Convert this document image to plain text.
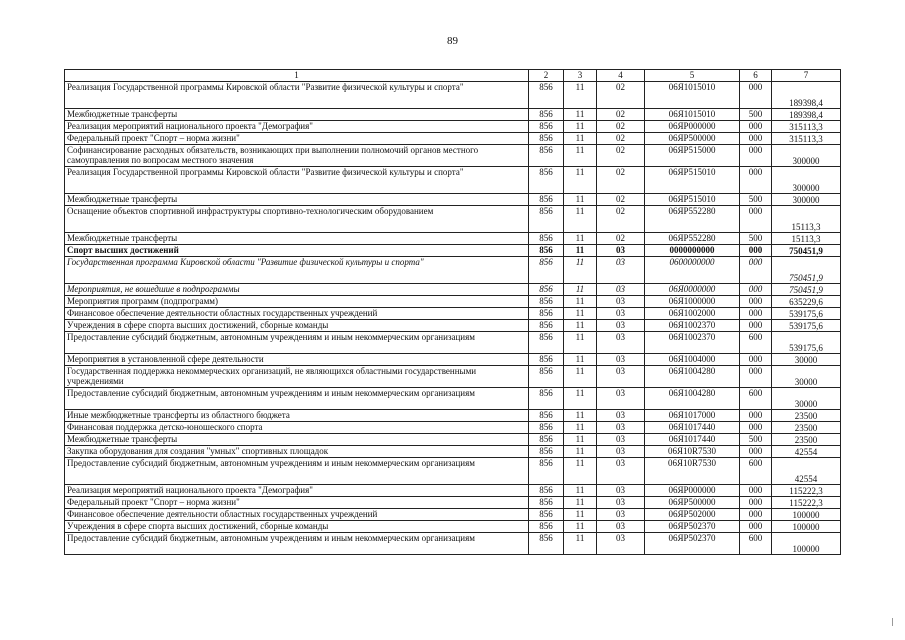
89
1	2	3	4	5	6	7
Реализация Государственной программы Кировской области "Развитие физической культуры и спорта"	856	11	02	06Я1015010	000	189398,4
Межбюджетные трансферты	856	11	02	06Я1015010	500	189398,4
Реализация мероприятий национального проекта "Демография"	856	11	02	06ЯР000000	000	315113,3
Федеральный проект "Спорт – норма жизни"	856	11	02	06ЯР500000	000	315113,3
Софинансирование расходных обязательств, возникающих при выполнении полномочий органов местного самоуправления по вопросам местного значения	856	11	02	06ЯР515000	000	300000
Реализация Государственной программы Кировской области "Развитие физической культуры и спорта"	856	11	02	06ЯР515010	000	300000
Межбюджетные трансферты	856	11	02	06ЯР515010	500	300000
Оснащение объектов спортивной инфраструктуры спортивно-технологическим оборудованием	856	11	02	06ЯР552280	000	15113,3
Межбюджетные трансферты	856	11	02	06ЯР552280	500	15113,3
Спорт высших достижений	856	11	03	0000000000	000	750451,9
Государственная программа Кировской области "Развитие физической культуры и спорта"	856	11	03	0600000000	000	750451,9
Мероприятия, не вошедшие в подпрограммы	856	11	03	06Я0000000	000	750451,9
Мероприятия программ (подпрограмм)	856	11	03	06Я1000000	000	635229,6
Финансовое обеспечение деятельности областных государственных учреждений	856	11	03	06Я1002000	000	539175,6
Учреждения в сфере спорта высших достижений, сборные команды	856	11	03	06Я1002370	000	539175,6
Предоставление субсидий бюджетным, автономным учреждениям и иным некоммерческим организациям	856	11	03	06Я1002370	600	539175,6
Мероприятия в установленной сфере деятельности	856	11	03	06Я1004000	000	30000
Государственная поддержка некоммерческих организаций, не являющихся областными государственными учреждениями	856	11	03	06Я1004280	000	30000
Предоставление субсидий бюджетным, автономным учреждениям и иным некоммерческим организациям	856	11	03	06Я1004280	600	30000
Иные межбюджетные трансферты из областного бюджета	856	11	03	06Я1017000	000	23500
Финансовая поддержка детско-юношеского спорта	856	11	03	06Я1017440	000	23500
Межбюджетные трансферты	856	11	03	06Я1017440	500	23500
Закупка оборудования для создания "умных" спортивных площадок	856	11	03	06Я10R7530	000	42554
Предоставление субсидий бюджетным, автономным учреждениям и иным некоммерческим организациям	856	11	03	06Я10R7530	600	42554
Реализация мероприятий национального проекта "Демография"	856	11	03	06ЯР000000	000	115222,3
Федеральный проект "Спорт – норма жизни"	856	11	03	06ЯР500000	000	115222,3
Финансовое обеспечение деятельности областных государственных учреждений	856	11	03	06ЯР502000	000	100000
Учреждения в сфере спорта высших достижений, сборные команды	856	11	03	06ЯР502370	000	100000
Предоставление субсидий бюджетным, автономным учреждениям и иным некоммерческим организациям	856	11	03	06ЯР502370	600	100000
